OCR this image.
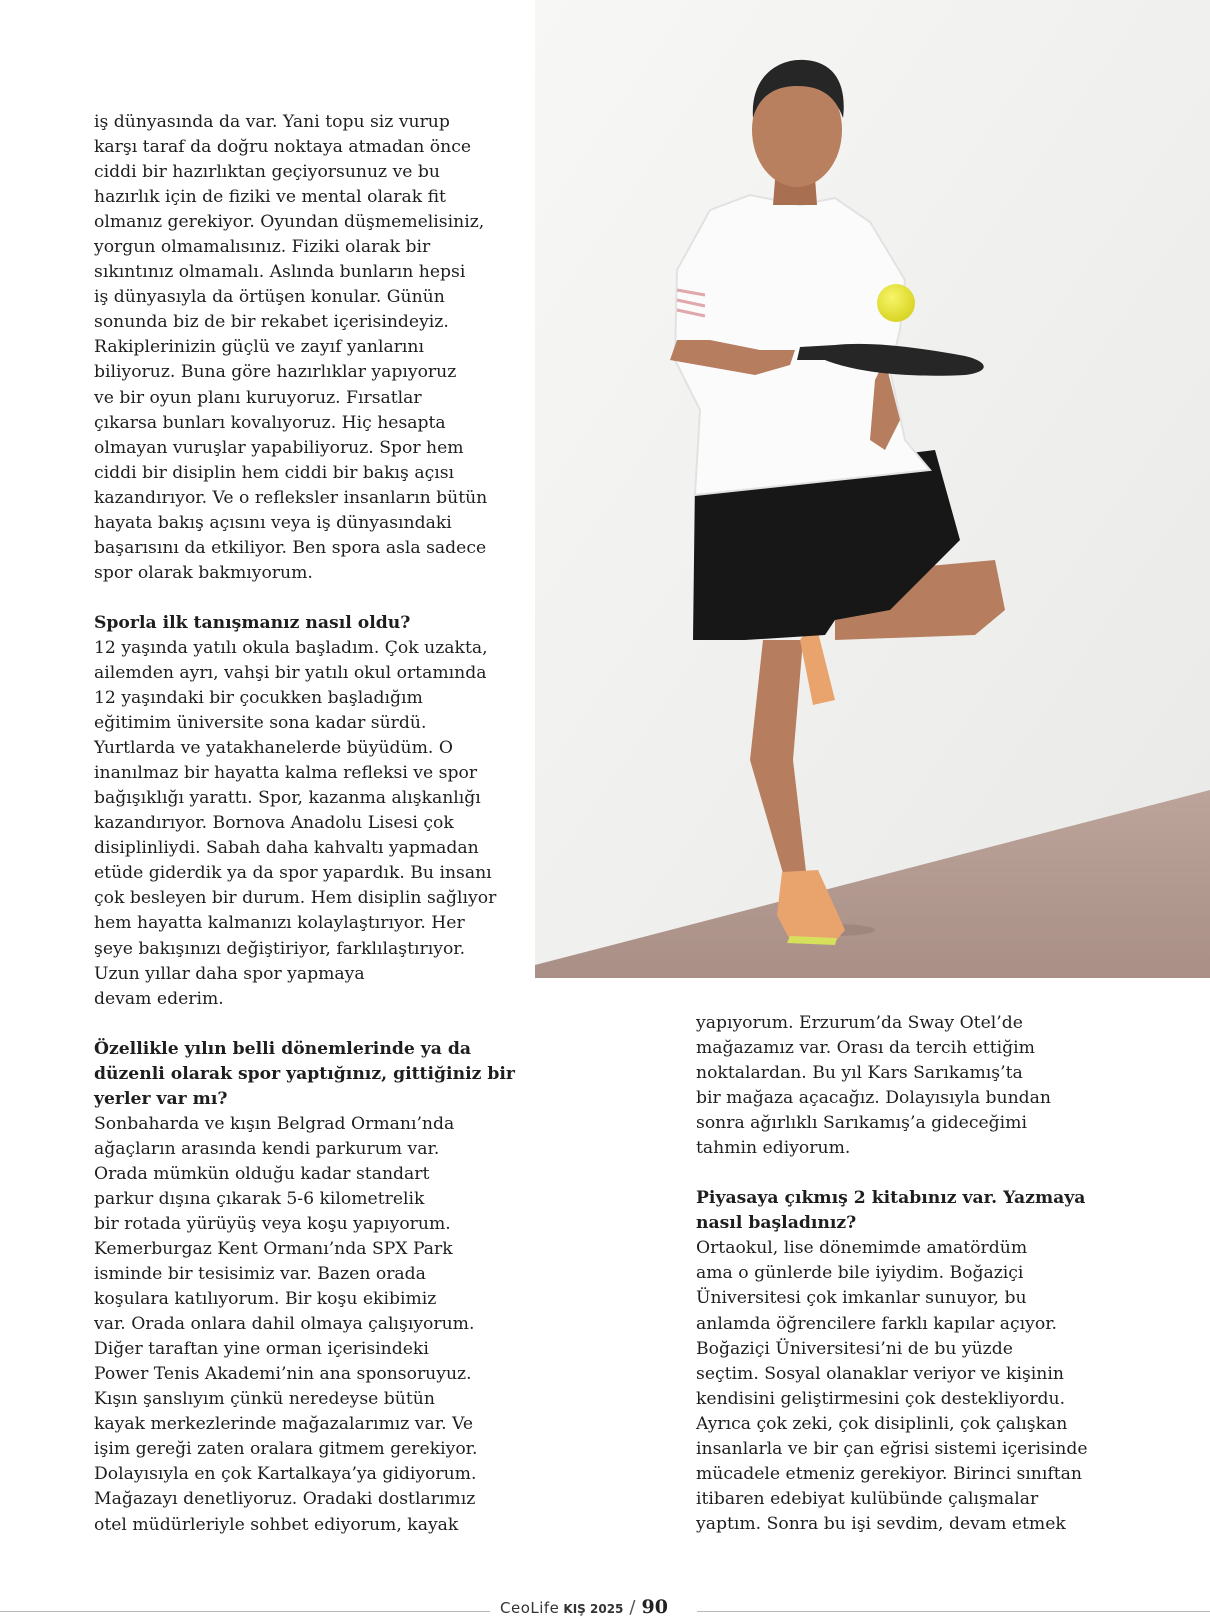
iş dünyasında da var. Yani topu siz vurup

karşı taraf da doğru noktaya atmadan önce

ciddi bir hazırlıktan geçiyorsunuz ve bu

hazırlık için de fiziki ve mental olarak fit

olmanız gerekiyor. Oyundan düşmemelisiniz,

yorgun olmamalısınız. Fiziki olarak bir

sıkıntınız olmamalı. Aslında bunların hepsi

iş dünyasıyla da örtüşen konular. Günün

sonunda biz de bir rekabet içerisindeyiz.

Rakiplerinizin güçlü ve zayıf yanlarını

biliyoruz. Buna göre hazırlıklar yapıyoruz

ve bir oyun planı kuruyoruz. Fırsatlar

çıkarsa bunları kovalıyoruz. Hiç hesapta

olmayan vuruşlar yapabiliyoruz. Spor hem

ciddi bir disiplin hem ciddi bir bakış açısı

kazandırıyor. Ve o refleksler insanların bütün

hayata bakış açısını veya iş dünyasındaki

başarısını da etkiliyor. Ben spora asla sadece

spor olarak bakmıyorum.

Sporla ilk tanışmanız nasıl oldu?

12 yaşında yatılı okula başladım. Çok uzakta,

ailemden ayrı, vahşi bir yatılı okul ortamında

12 yaşındaki bir çocukken başladığım

eğitimim üniversite sona kadar sürdü.

Yurtlarda ve yatakhanelerde büyüdüm. O

inanılmaz bir hayatta kalma refleksi ve spor

bağışıklığı yarattı. Spor, kazanma alışkanlığı

kazandırıyor. Bornova Anadolu Lisesi çok

disiplinliydi. Sabah daha kahvaltı yapmadan

etüde giderdik ya da spor yapardık. Bu insanı

çok besleyen bir durum. Hem disiplin sağlıyor

hem hayatta kalmanızı kolaylaştırıyor. Her

şeye bakışınızı değiştiriyor, farklılaştırıyor.

Uzun yıllar daha spor yapmaya

devam ederim.

Özellikle yılın belli dönemlerinde ya da

düzenli olarak spor yaptığınız, gittiğiniz bir

yerler var mı?

Sonbaharda ve kışın Belgrad Ormanı’nda

ağaçların arasında kendi parkurum var.

Orada mümkün olduğu kadar standart

parkur dışına çıkarak 5-6 kilometrelik

bir rotada yürüyüş veya koşu yapıyorum.

Kemerburgaz Kent Ormanı’nda SPX Park

isminde bir tesisimiz var. Bazen orada

koşulara katılıyorum. Bir koşu ekibimiz

var. Orada onlara dahil olmaya çalışıyorum.

Diğer taraftan yine orman içerisindeki

Power Tenis Akademi’nin ana sponsoruyuz.

Kışın şanslıyım çünkü neredeyse bütün

kayak merkezlerinde mağazalarımız var. Ve

işim gereği zaten oralara gitmem gerekiyor.

Dolayısıyla en çok Kartalkaya’ya gidiyorum.

Mağazayı denetliyoruz. Oradaki dostlarımız

otel müdürleriyle sohbet ediyorum, kayak

yapıyorum. Erzurum’da Sway Otel’de

mağazamız var. Orası da tercih ettiğim

noktalardan. Bu yıl Kars Sarıkamış’ta

bir mağaza açacağız. Dolayısıyla bundan

sonra ağırlıklı Sarıkamış’a gideceğimi

tahmin ediyorum.

Piyasaya çıkmış 2 kitabınız var. Yazmaya

nasıl başladınız?

Ortaokul, lise dönemimde amatördüm

ama o günlerde bile iyiydim. Boğaziçi

Üniversitesi çok imkanlar sunuyor, bu

anlamda öğrencilere farklı kapılar açıyor.

Boğaziçi Üniversitesi’ni de bu yüzde

seçtim. Sosyal olanaklar veriyor ve kişinin

kendisini geliştirmesini çok destekliyordu.

Ayrıca çok zeki, çok disiplinli, çok çalışkan

insanlarla ve bir çan eğrisi sistemi içerisinde

mücadele etmeniz gerekiyor. Birinci sınıftan

itibaren edebiyat kulübünde çalışmalar

yaptım. Sonra bu işi sevdim, devam etmek

CeoLife KIŞ 2025 / 90
